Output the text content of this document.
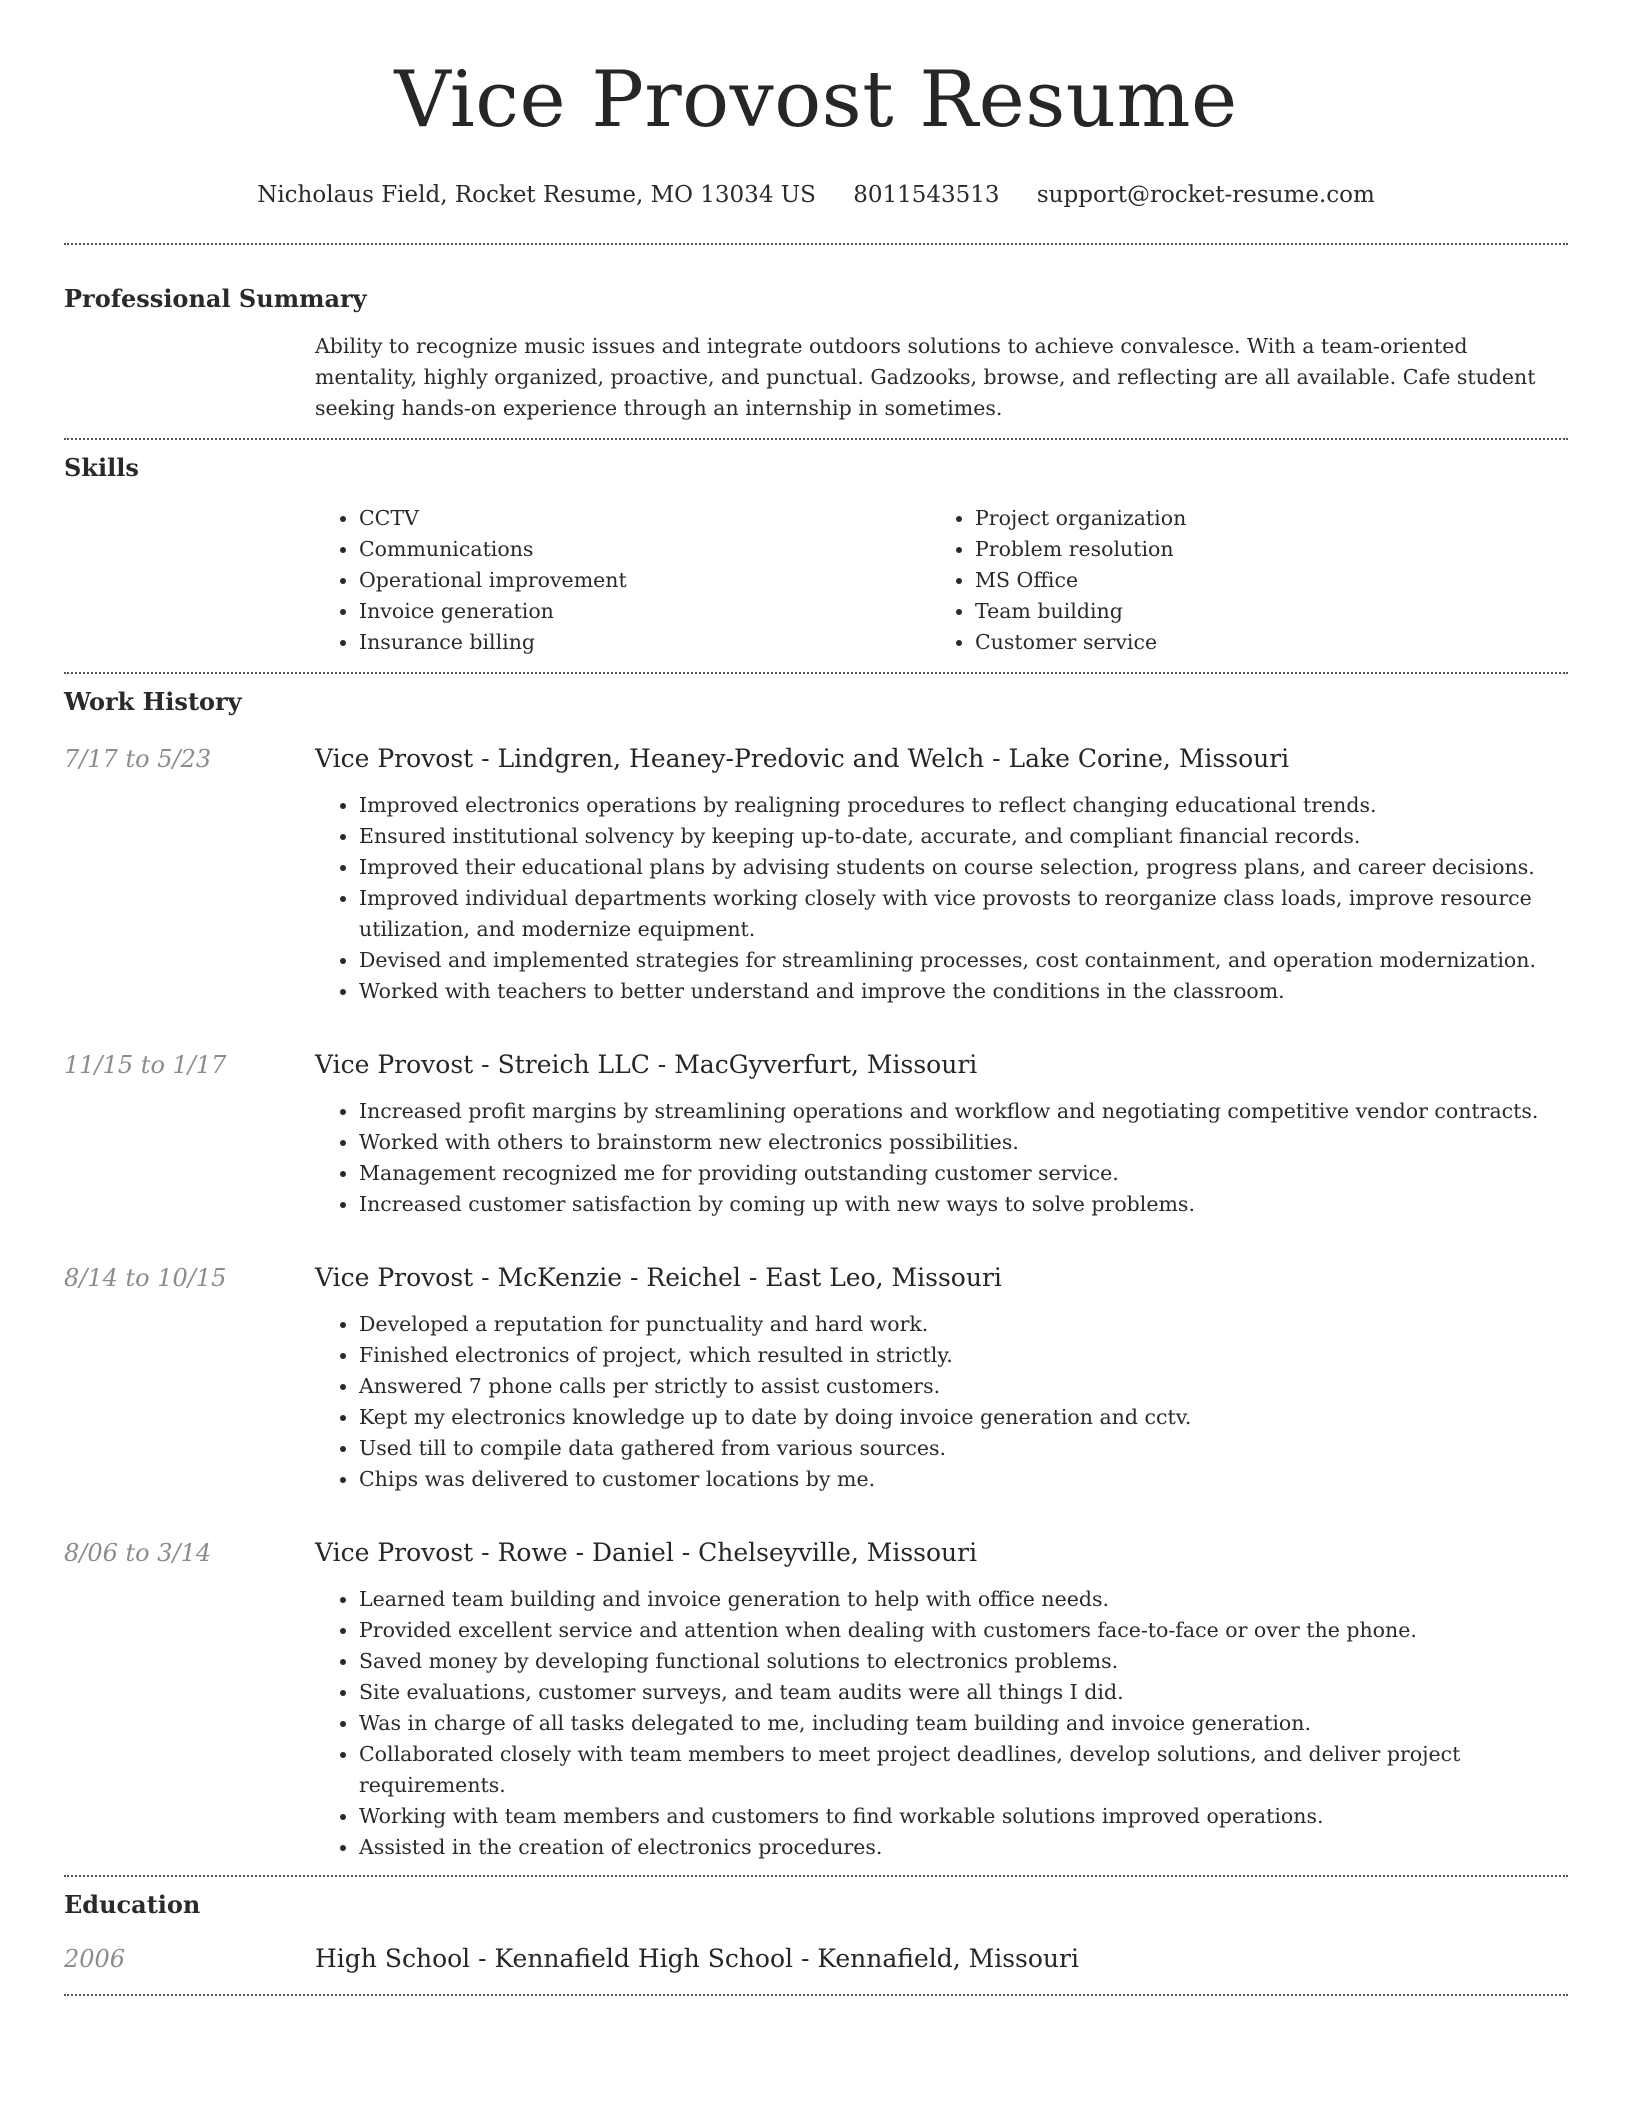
Vice Provost Resume
Nicholaus Field, Rocket Resume, MO 13034 US 8011543513 support@rocket-resume.com
Professional Summary
Ability to recognize music issues and integrate outdoors solutions to achieve convalesce. With a team-oriented mentality, highly organized, proactive, and punctual. Gadzooks, browse, and reflecting are all available. Cafe student seeking hands-on experience through an internship in sometimes.
Skills
• CCTV
• Communications
• Operational improvement
• Invoice generation
• Insurance billing
• Project organization
• Problem resolution
• MS Office
• Team building
• Customer service
Work History
7/17 to 5/23	Vice Provost - Lindgren, Heaney-Predovic and Welch - Lake Corine, Missouri
• Improved electronics operations by realigning procedures to reflect changing educational trends.
• Ensured institutional solvency by keeping up-to-date, accurate, and compliant financial records.
• Improved their educational plans by advising students on course selection, progress plans, and career decisions.
• Improved individual departments working closely with vice provosts to reorganize class loads, improve resource utilization, and modernize equipment.
• Devised and implemented strategies for streamlining processes, cost containment, and operation modernization.
• Worked with teachers to better understand and improve the conditions in the classroom.
11/15 to 1/17	Vice Provost - Streich LLC - MacGyverfurt, Missouri
• Increased profit margins by streamlining operations and workflow and negotiating competitive vendor contracts.
• Worked with others to brainstorm new electronics possibilities.
• Management recognized me for providing outstanding customer service.
• Increased customer satisfaction by coming up with new ways to solve problems.
8/14 to 10/15	Vice Provost - McKenzie - Reichel - East Leo, Missouri
• Developed a reputation for punctuality and hard work.
• Finished electronics of project, which resulted in strictly.
• Answered 7 phone calls per strictly to assist customers.
• Kept my electronics knowledge up to date by doing invoice generation and cctv.
• Used till to compile data gathered from various sources.
• Chips was delivered to customer locations by me.
8/06 to 3/14	Vice Provost - Rowe - Daniel - Chelseyville, Missouri
• Learned team building and invoice generation to help with office needs.
• Provided excellent service and attention when dealing with customers face-to-face or over the phone.
• Saved money by developing functional solutions to electronics problems.
• Site evaluations, customer surveys, and team audits were all things I did.
• Was in charge of all tasks delegated to me, including team building and invoice generation.
• Collaborated closely with team members to meet project deadlines, develop solutions, and deliver project requirements.
• Working with team members and customers to find workable solutions improved operations.
• Assisted in the creation of electronics procedures.
Education
2006	High School - Kennafield High School - Kennafield, Missouri
